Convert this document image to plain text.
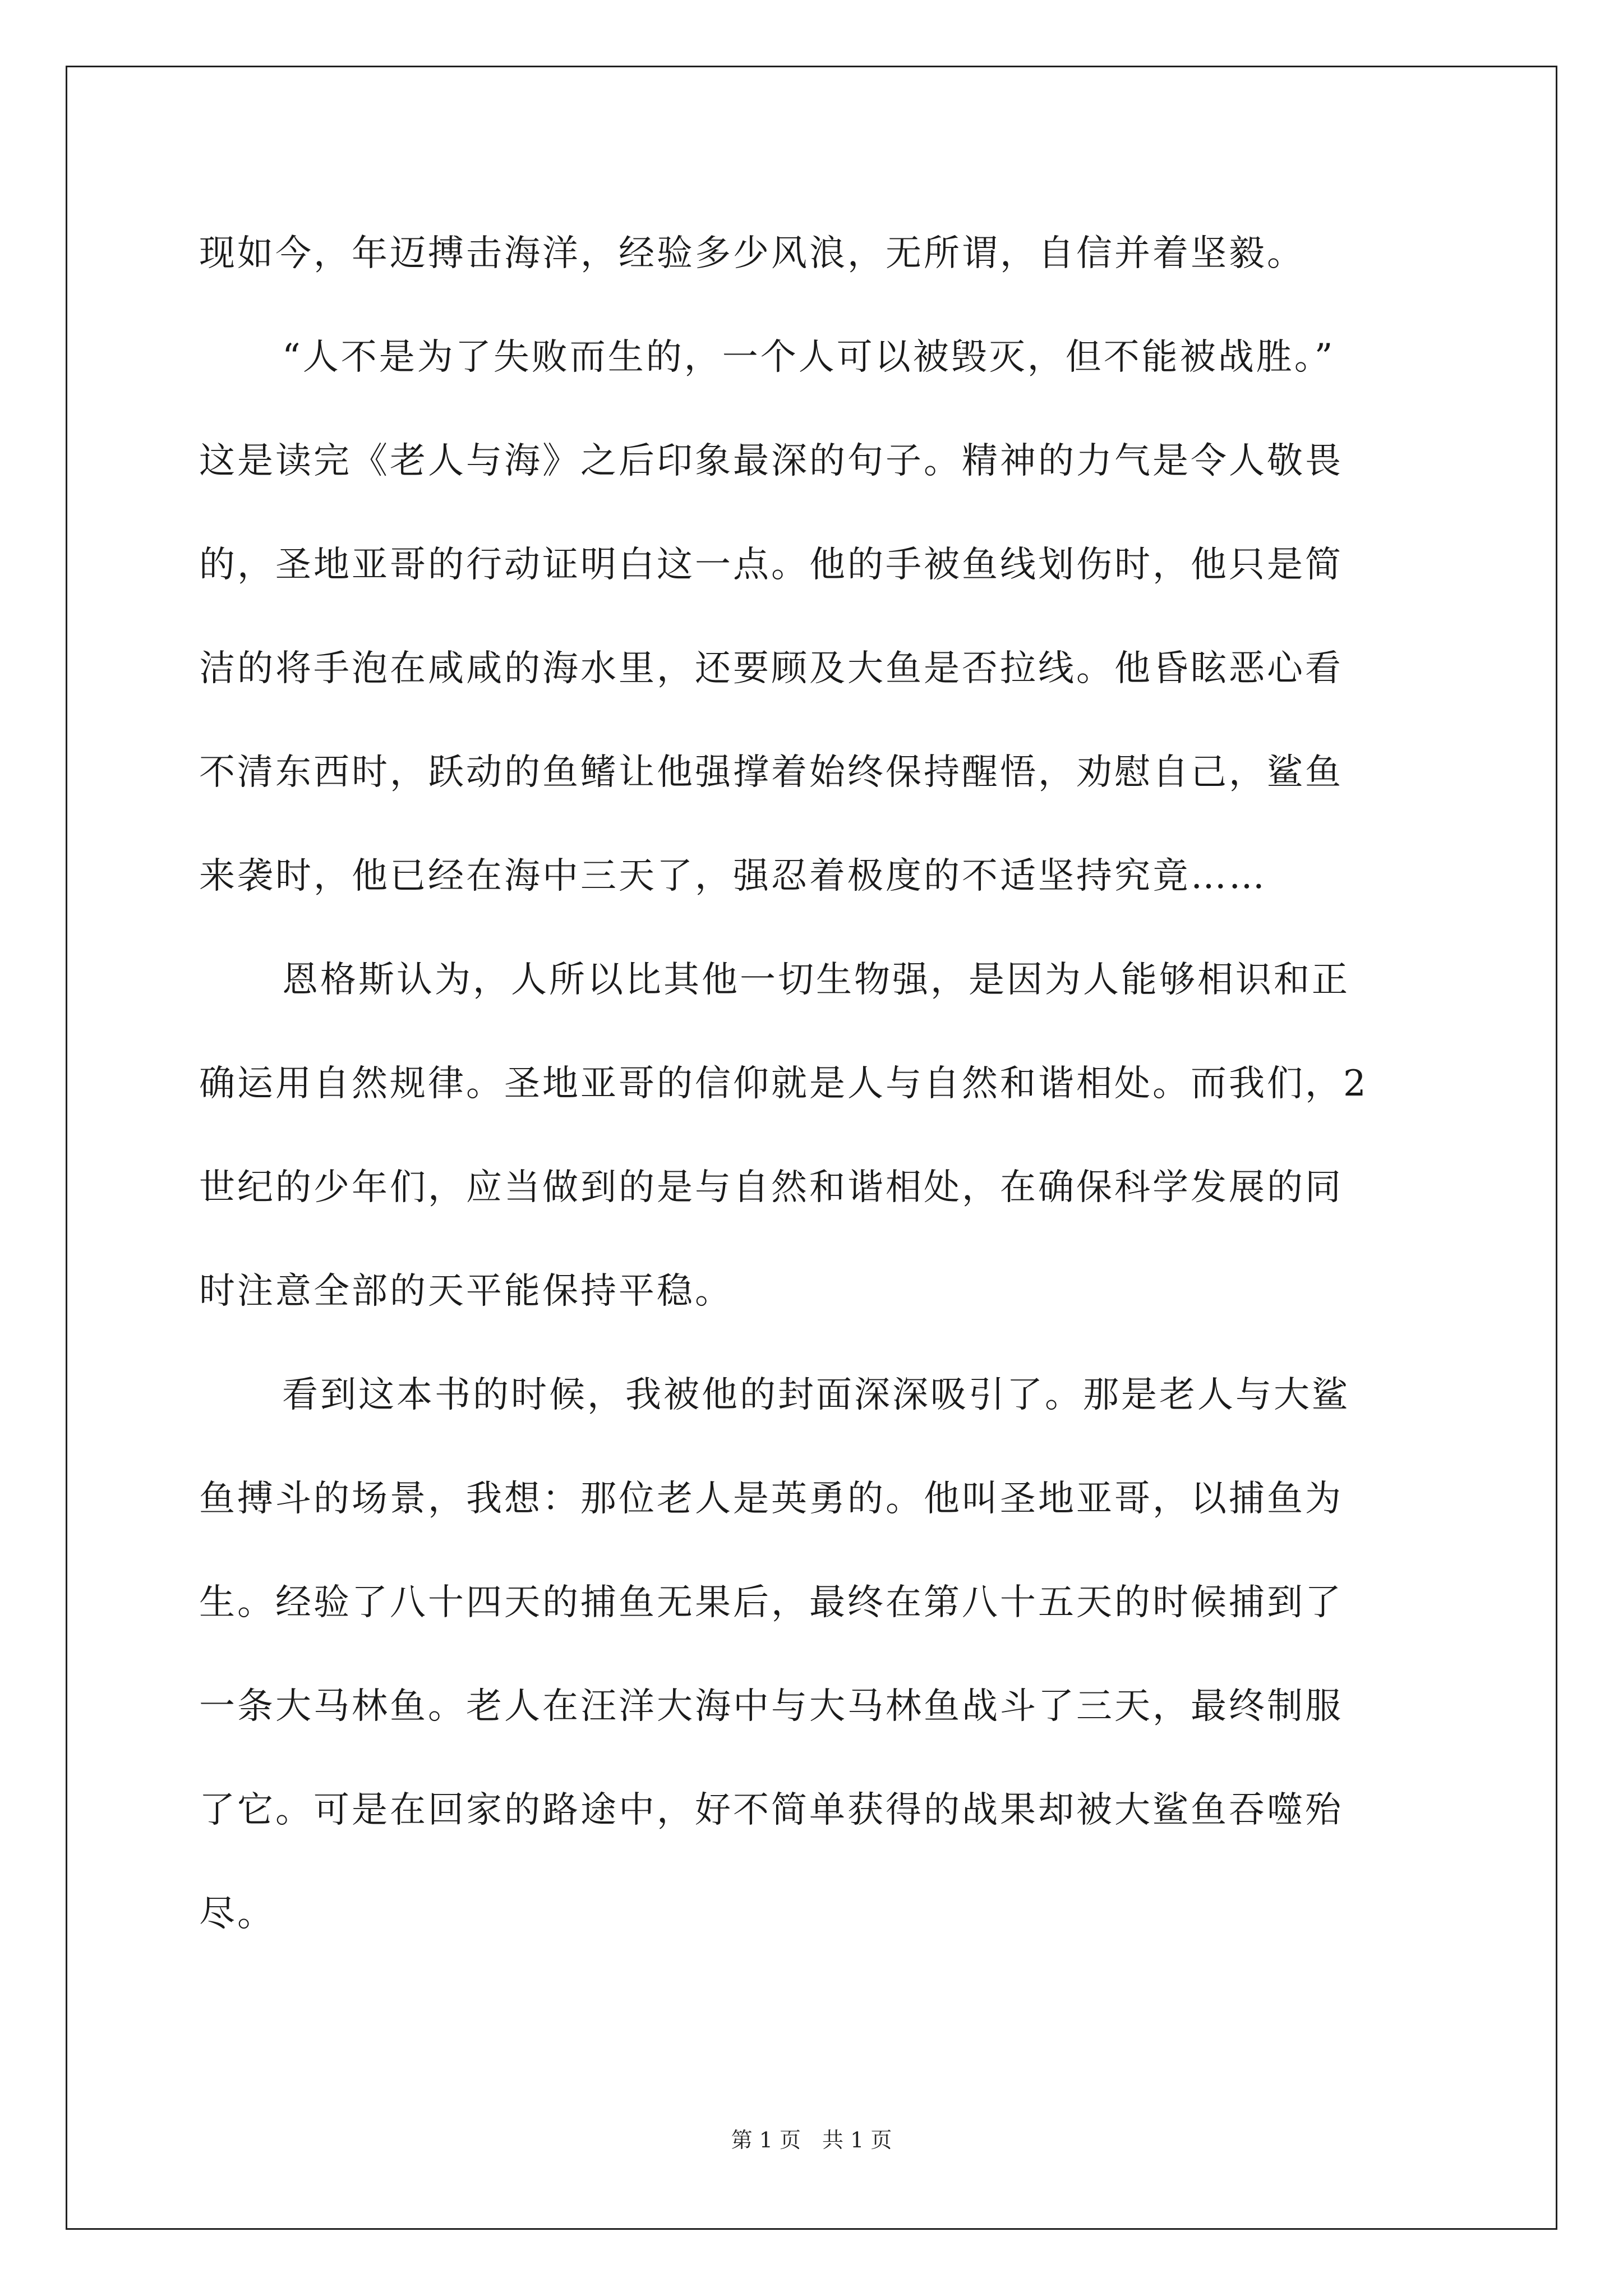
现如今，年迈搏击海洋，经验多少风浪，无所谓，自信并着坚毅。
“人不是为了失败而生的，一个人可以被毁灭，但不能被战胜。”
这是读完《老人与海》之后印象最深的句子。精神的力气是令人敬畏
的，圣地亚哥的行动证明白这一点。他的手被鱼线划伤时，他只是简
洁的将手泡在咸咸的海水里，还要顾及大鱼是否拉线。他昏眩恶心看
不清东西时，跃动的鱼鳍让他强撑着始终保持醒悟，劝慰自己，鲨鱼
来袭时，他已经在海中三天了，强忍着极度的不适坚持究竟……
恩格斯认为，人所以比其他一切生物强，是因为人能够相识和正
确运用自然规律。圣地亚哥的信仰就是人与自然和谐相处。而我们，2
世纪的少年们，应当做到的是与自然和谐相处，在确保科学发展的同
时注意全部的天平能保持平稳。
看到这本书的时候，我被他的封面深深吸引了。那是老人与大鲨
鱼搏斗的场景，我想：那位老人是英勇的。他叫圣地亚哥，以捕鱼为
生。经验了八十四天的捕鱼无果后，最终在第八十五天的时候捕到了
一条大马林鱼。老人在汪洋大海中与大马林鱼战斗了三天，最终制服
了它。可是在回家的路途中，好不简单获得的战果却被大鲨鱼吞噬殆
尽。
第 1 页　共 1 页
